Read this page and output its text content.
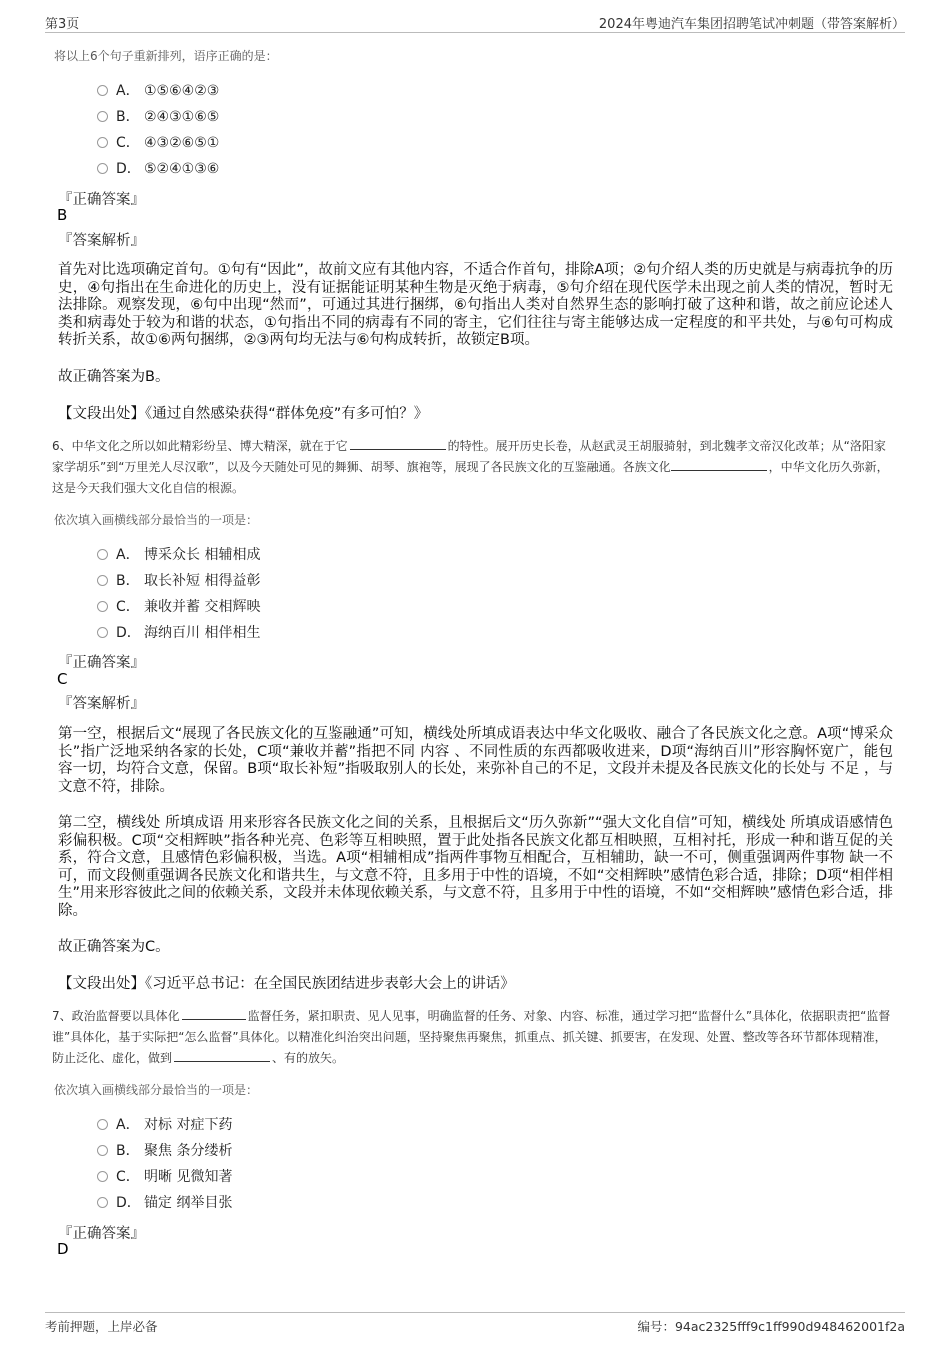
第3页	2024年粤迪汽车集团招聘笔试冲刺题（带答案解析）
将以上6个句子重新排列，语序正确的是：
A． ①⑤⑥④②③
B． ②④③①⑥⑤
C． ④③②⑥⑤①
D． ⑤②④①③⑥
『正确答案』
B
『答案解析』
首先对比选项确定首句。①句有“因此”，故前文应有其他内容，不适合作首句，排除A项；②句介绍人类的历史就是与病毒抗争的历史，④句指出在生命进化的历史上，没有证据能证明某种生物是灭绝于病毒，⑤句介绍在现代医学未出现之前人类的情况，暂时无法排除。观察发现，⑥句中出现“然而”，可通过其进行捆绑，⑥句指出人类对自然界生态的影响打破了这种和谐，故之前应论述人类和病毒处于较为和谐的状态，①句指出不同的病毒有不同的寄主，它们往往与寄主能够达成一定程度的和平共处，与⑥句可构成转折关系，故①⑥两句捆绑，②③两句均无法与⑥句构成转折，故锁定B项。
故正确答案为B。
【文段出处】《通过自然感染获得“群体免疫”有多可怕？》
6、中华文化之所以如此精彩纷呈、博大精深，就在于它	的特性。展开历史长卷，从赵武灵王胡服骑射，到北魏孝文帝汉化改革；从“洛阳家家学胡乐”到“万里羌人尽汉歌”，以及今天随处可见的舞狮、胡琴、旗袍等，展现了各民族文化的互鉴融通。各族文化	，中华文化历久弥新，这是今天我们强大文化自信的根源。
依次填入画横线部分最恰当的一项是：
A． 博采众长 相辅相成
B． 取长补短 相得益彰
C． 兼收并蓄 交相辉映
D． 海纳百川 相伴相生
『正确答案』
C
『答案解析』
第一空，根据后文“展现了各民族文化的互鉴融通”可知，横线处所填成语表达中华文化吸收、融合了各民族文化之意。A项“博采众长”指广泛地采纳各家的长处，C项“兼收并蓄”指把不同 内容 、不同性质的东西都吸收进来，D项“海纳百川”形容胸怀宽广，能包容一切，均符合文意，保留。B项“取长补短”指吸取别人的长处，来弥补自己的不足，文段并未提及各民族文化的长处与 不足 ，与文意不符，排除。
第二空，横线处 所填成语 用来形容各民族文化之间的关系，且根据后文“历久弥新”“强大文化自信”可知，横线处 所填成语感情色彩偏积极。C项“交相辉映”指各种光亮、色彩等互相映照，置于此处指各民族文化都互相映照，互相衬托，形成一种和谐互促的关系，符合文意，且感情色彩偏积极，当选。A项“相辅相成”指两件事物互相配合，互相辅助，缺一不可，侧重强调两件事物 缺一不可，而文段侧重强调各民族文化和谐共生，与文意不符，且多用于中性的语境，不如“交相辉映”感情色彩合适，排除；D项“相伴相生”用来形容彼此之间的依赖关系，文段并未体现依赖关系，与文意不符，且多用于中性的语境，不如“交相辉映”感情色彩合适，排除。
故正确答案为C。
【文段出处】《习近平总书记：在全国民族团结进步表彰大会上的讲话》
7、政治监督要以具体化	监督任务，紧扣职责、见人见事，明确监督的任务、对象、内容、标准，通过学习把“监督什么”具体化，依据职责把“监督谁”具体化，基于实际把“怎么监督”具体化。以精准化纠治突出问题，坚持聚焦再聚焦，抓重点、抓关键、抓要害，在发现、处置、整改等各环节都体现精准，防止泛化、虚化，做到	、有的放矢。
依次填入画横线部分最恰当的一项是：
A． 对标 对症下药
B． 聚焦 条分缕析
C． 明晰 见微知著
D． 锚定 纲举目张
『正确答案』
D
考前押题，上岸必备	编号：94ac2325fff9c1ff990d948462001f2a
